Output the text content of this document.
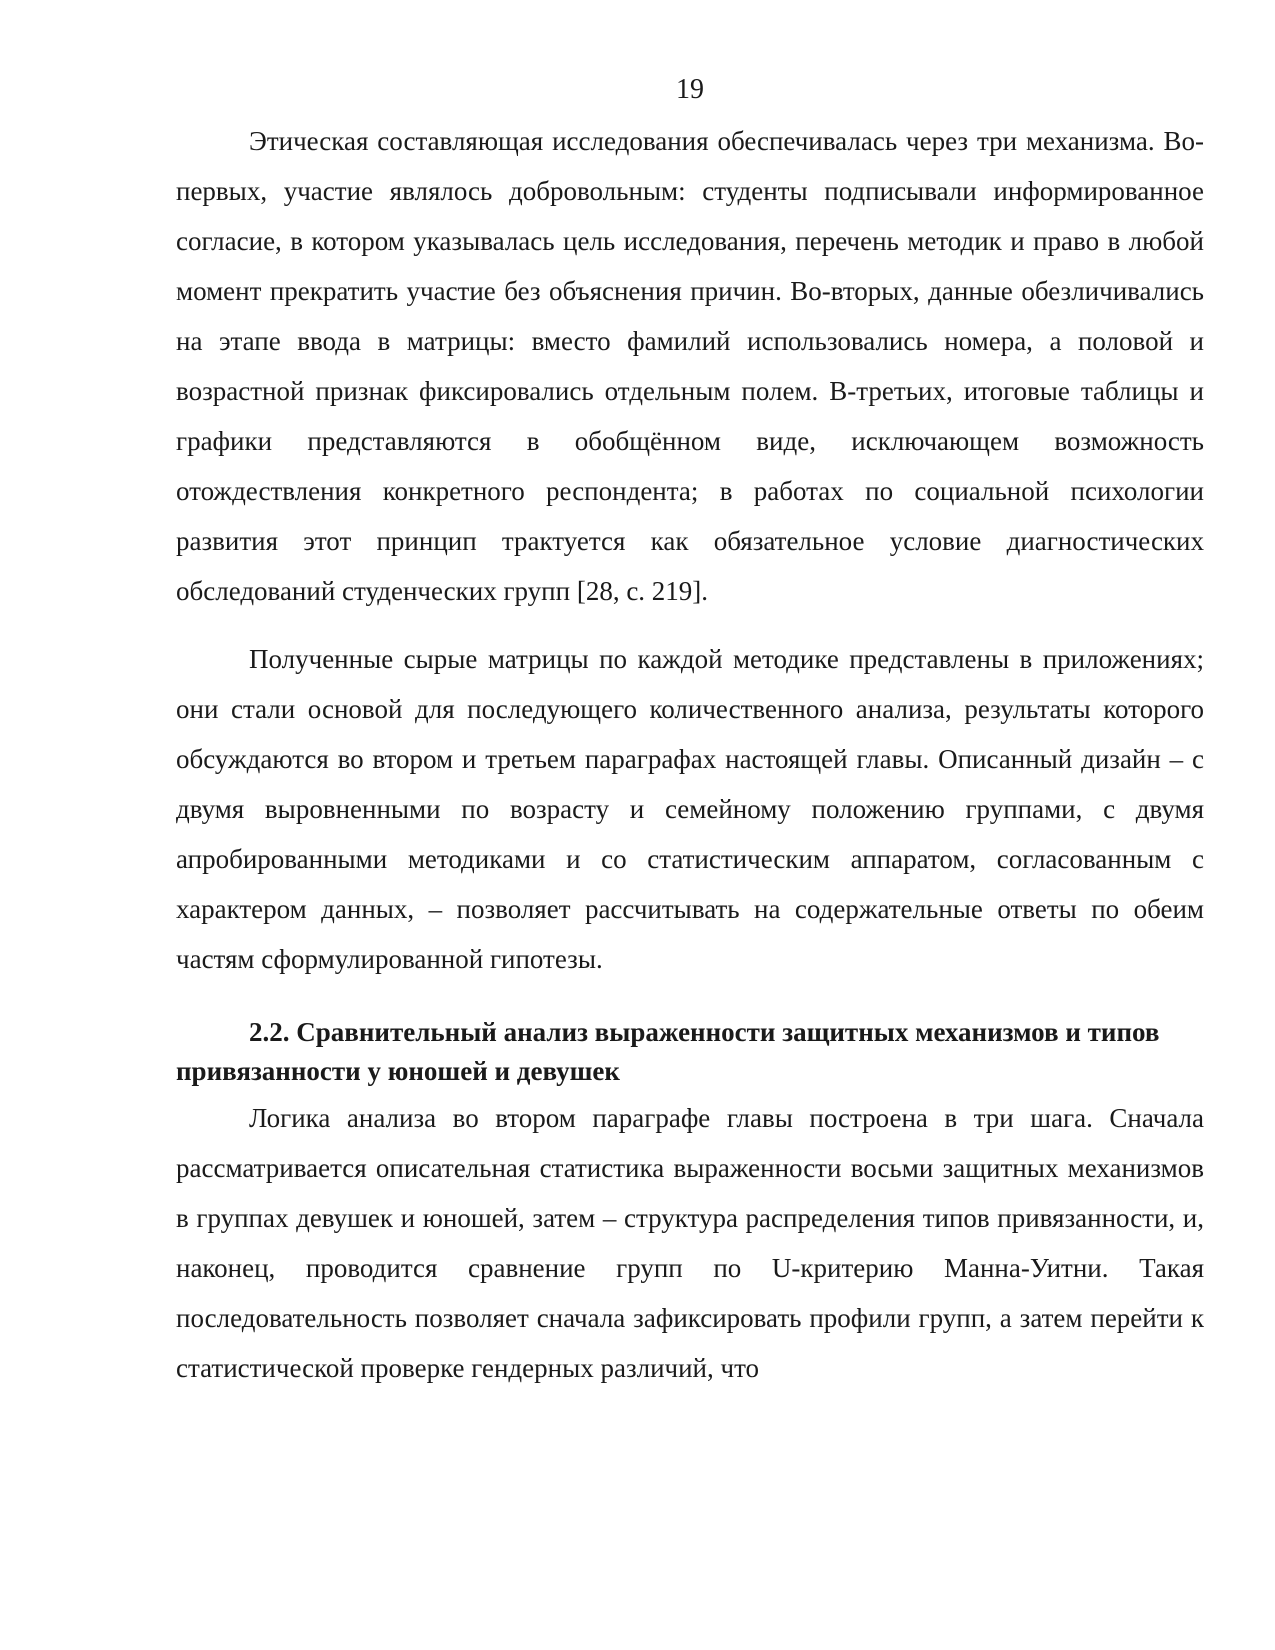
19

Этическая составляющая исследования обеспечивалась через три механизма. Во-первых, участие являлось добровольным: студенты подписывали информированное согласие, в котором указывалась цель исследования, перечень методик и право в любой момент прекратить участие без объяснения причин. Во-вторых, данные обезличивались на этапе ввода в матрицы: вместо фамилий использовались номера, а половой и возрастной признак фиксировались отдельным полем. В-третьих, итоговые таблицы и графики представляются в обобщённом виде, исключающем возможность отождествления конкретного респондента; в работах по социальной психологии развития этот принцип трактуется как обязательное условие диагностических обследований студенческих групп [28, с. 219].

Полученные сырые матрицы по каждой методике представлены в приложениях; они стали основой для последующего количественного анализа, результаты которого обсуждаются во втором и третьем параграфах настоящей главы. Описанный дизайн – с двумя выровненными по возрасту и семейному положению группами, с двумя апробированными методиками и со статистическим аппаратом, согласованным с характером данных, – позволяет рассчитывать на содержательные ответы по обеим частям сформулированной гипотезы.

2.2. Сравнительный анализ выраженности защитных механизмов и типов привязанности у юношей и девушек

Логика анализа во втором параграфе главы построена в три шага. Сначала рассматривается описательная статистика выраженности восьми защитных механизмов в группах девушек и юношей, затем – структура распределения типов привязанности, и, наконец, проводится сравнение групп по U-критерию Манна-Уитни. Такая последовательность позволяет сначала зафиксировать профили групп, а затем перейти к статистической проверке гендерных различий, что
